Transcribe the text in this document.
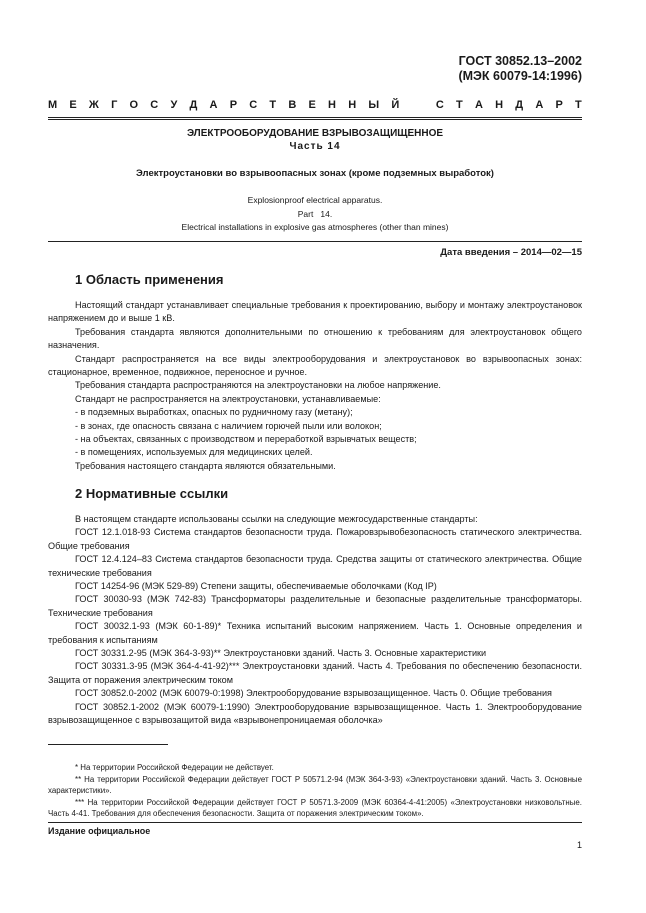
ГОСТ 30852.13–2002
(МЭК 60079-14:1996)
М Е Ж Г О С У Д А Р С Т В Е Н Н Ы Й	С Т А Н Д А Р Т
ЭЛЕКТРООБОРУДОВАНИЕ ВЗРЫВОЗАЩИЩЕННОЕ
Часть 14
Электроустановки во взрывоопасных зонах (кроме подземных выработок)
Explosionproof electrical apparatus.
Part   14.
Electrical installations in explosive gas atmospheres (other than mines)
Дата введения – 2014—02—15
1 Область применения

Настоящий стандарт устанавливает специальные требования к проектированию, выбору и монтажу электроустановок напряжением до и выше 1 кВ.

Требования стандарта являются дополнительными по отношению к требованиям для электроустановок общего назначения.

Стандарт распространяется на все виды электрооборудования и электроустановок во взрывоопасных зонах: стационарное, временное, подвижное, переносное и ручное.

Требования стандарта распространяются на электроустановки на любое напряжение.

Стандарт не распространяется на электроустановки, устанавливаемые:

- в подземных выработках, опасных по рудничному газу (метану);

- в зонах, где опасность связана с наличием горючей пыли или волокон;

- на объектах, связанных с производством и переработкой взрывчатых веществ;

- в помещениях, используемых для медицинских целей.

Требования настоящего стандарта являются обязательными.

2 Нормативные ссылки

В настоящем стандарте использованы ссылки на следующие межгосударственные стандарты:

ГОСТ 12.1.018-93 Система стандартов безопасности труда. Пожаровзрывобезопасность статического электричества. Общие требования

ГОСТ 12.4.124–83 Система стандартов безопасности труда. Средства защиты от статического электричества. Общие технические требования

ГОСТ 14254-96 (МЭК 529-89) Степени защиты, обеспечиваемые оболочками (Код IP)

ГОСТ 30030-93 (МЭК 742-83) Трансформаторы разделительные и безопасные разделительные трансформаторы. Технические требования

ГОСТ 30032.1-93 (МЭК 60-1-89)* Техника испытаний высоким напряжением. Часть 1. Основные определения и требования к испытаниям

ГОСТ 30331.2-95 (МЭК 364-3-93)** Электроустановки зданий. Часть 3. Основные характеристики

ГОСТ 30331.3-95 (МЭК 364-4-41-92)*** Электроустановки зданий. Часть 4. Требования по обеспечению безопасности. Защита от поражения электрическим током

ГОСТ 30852.0-2002 (МЭК 60079-0:1998) Электрооборудование взрывозащищенное. Часть 0. Общие требования

ГОСТ 30852.1-2002 (МЭК 60079-1:1990) Электрооборудование взрывозащищенное. Часть 1. Электрооборудование взрывозащищенное с взрывозащитой вида «взрывонепроницаемая оболочка»

* На территории Российской Федерации не действует.

** На территории Российской Федерации действует ГОСТ Р 50571.2-94 (МЭК 364-3-93) «Электроустановки зданий. Часть 3. Основные характеристики».

*** На территории Российской Федерации действует ГОСТ Р 50571.3-2009 (МЭК 60364-4-41:2005) «Электроустановки низковольтные. Часть 4-41. Требования для обеспечения безопасности. Защита от поражения электрическим током».

Издание официальное
1
